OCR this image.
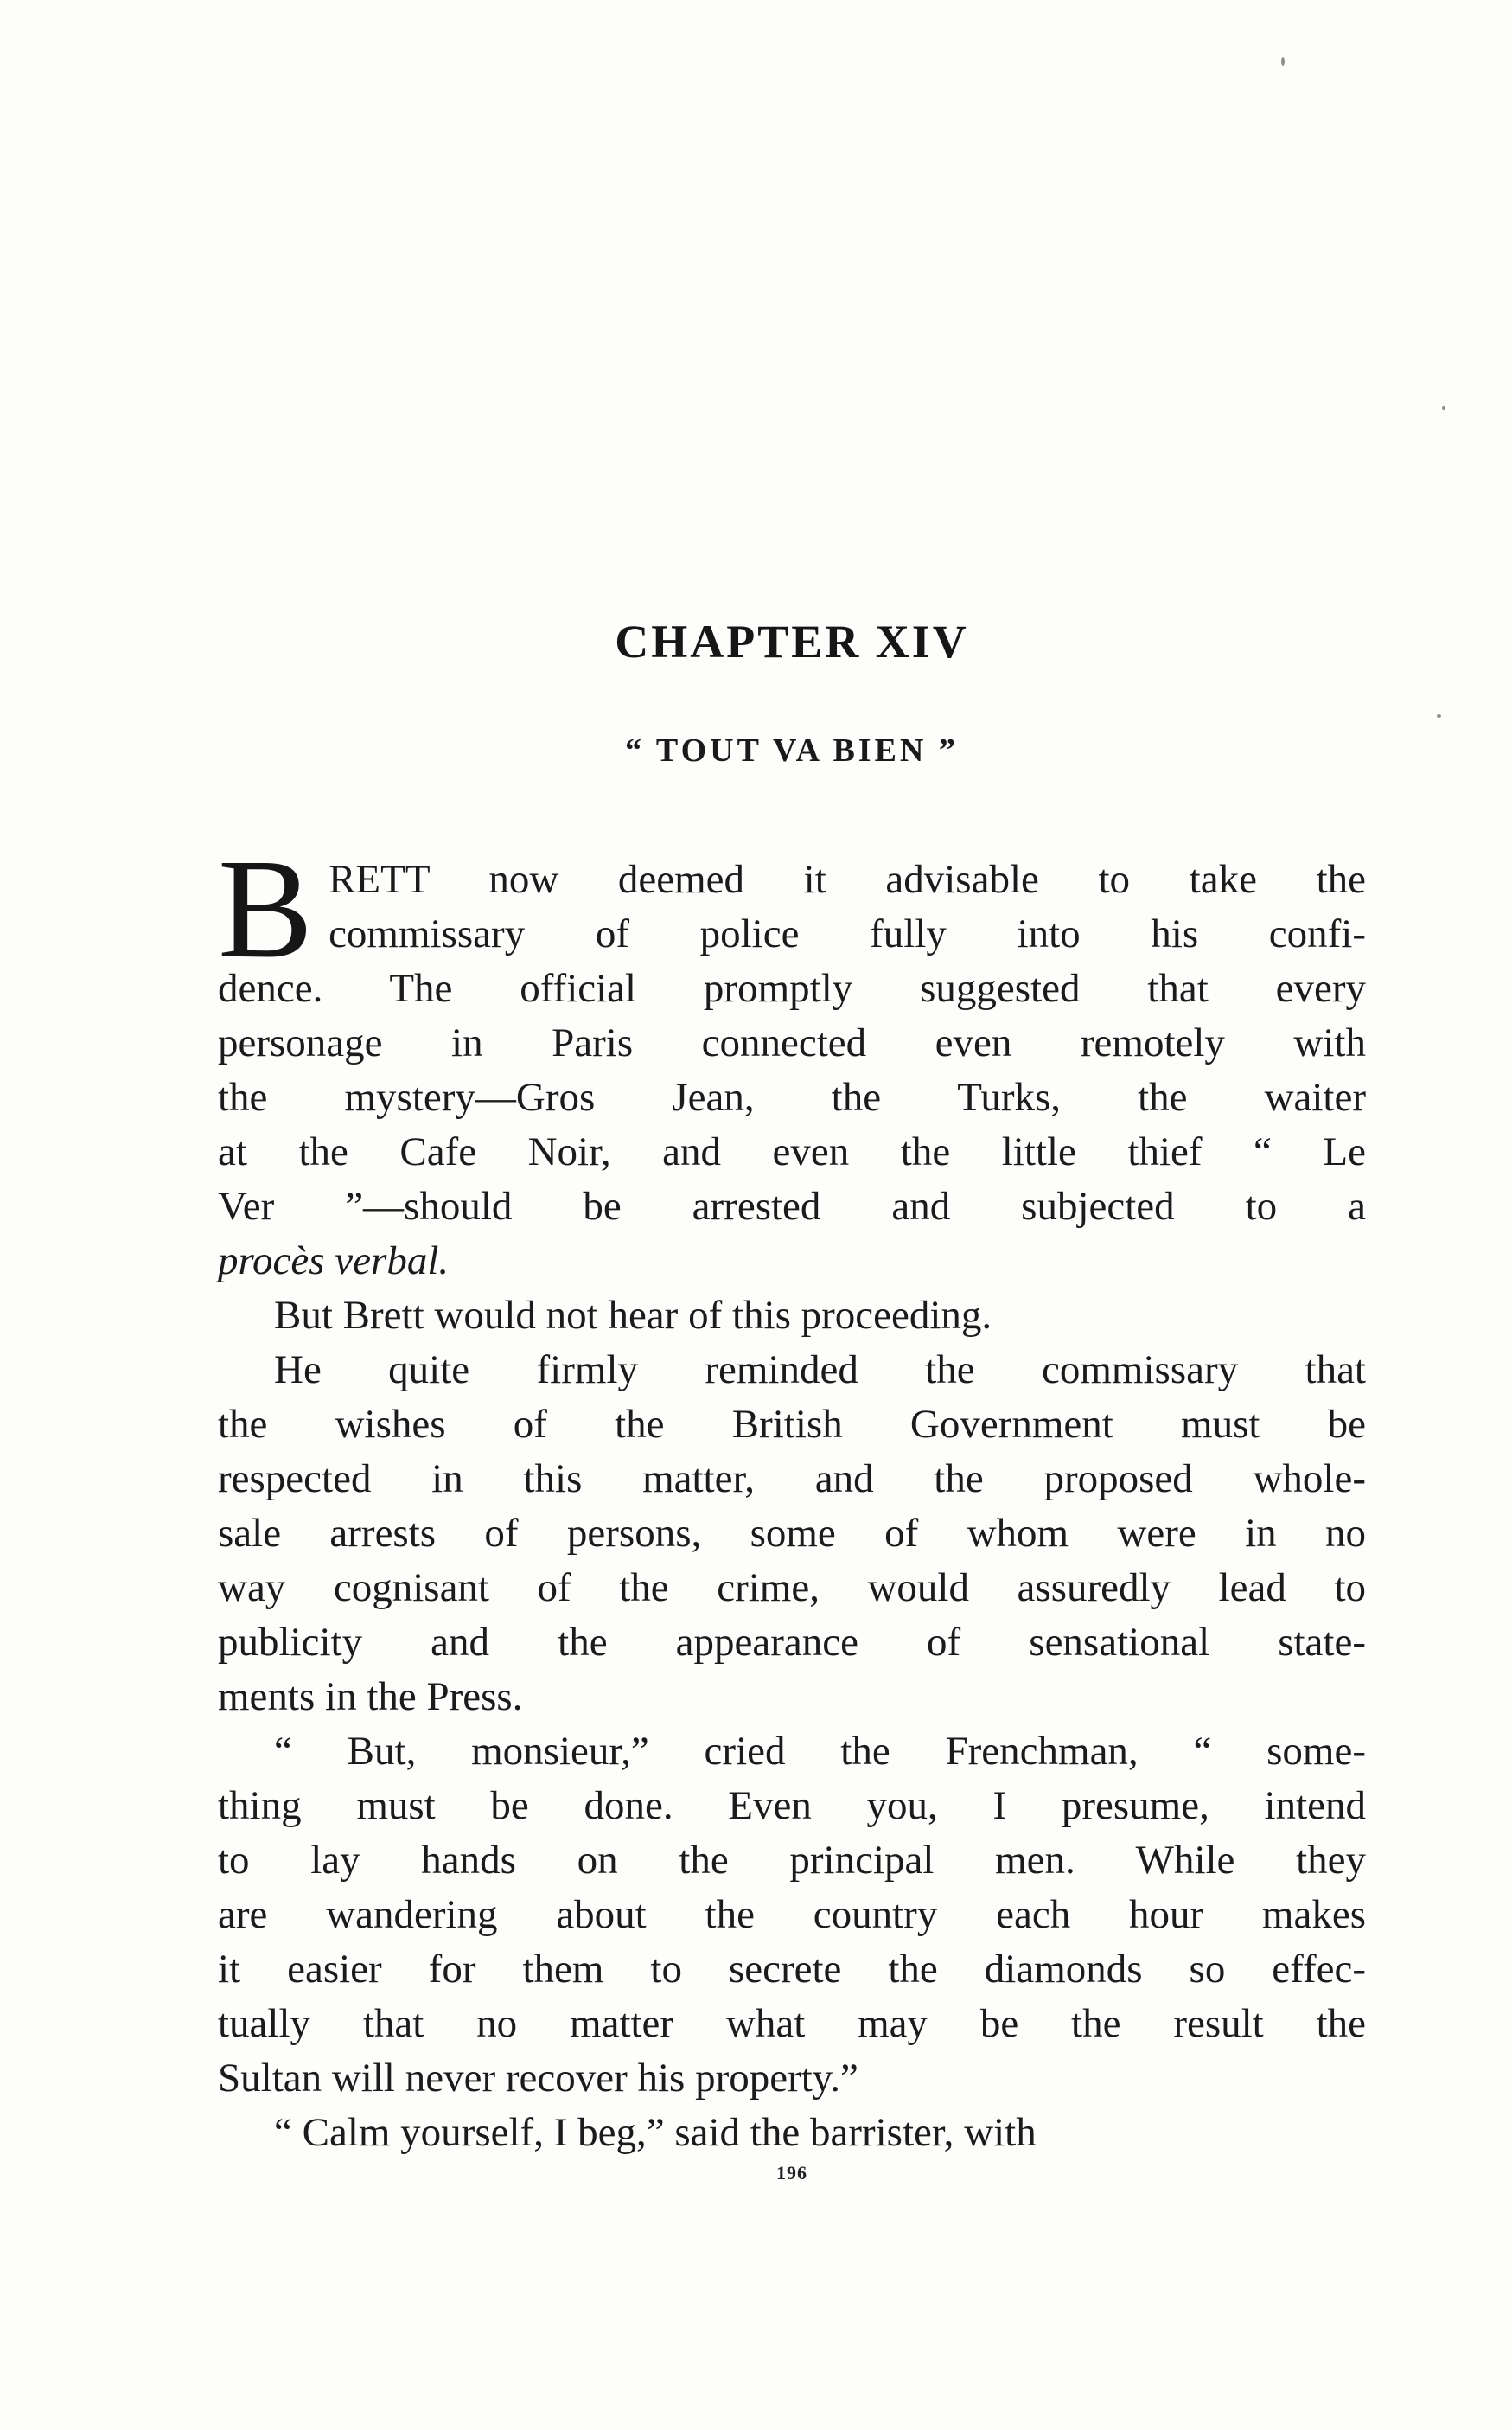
CHAPTER XIV
“ TOUT VA BIEN ”
B RETT now deemed it advisable to take the
commissary of police fully into his confi-
dence. The official promptly suggested that every
personage in Paris connected even remotely with
the mystery—Gros Jean, the Turks, the waiter
at the Cafe Noir, and even the little thief “ Le
Ver ”—should be arrested and subjected to a
procès verbal.
But Brett would not hear of this proceeding.
He quite firmly reminded the commissary that
the wishes of the British Government must be
respected in this matter, and the proposed whole-
sale arrests of persons, some of whom were in no
way cognisant of the crime, would assuredly lead to
publicity and the appearance of sensational state-
ments in the Press.
“ But, monsieur,” cried the Frenchman, “ some-
thing must be done. Even you, I presume, intend
to lay hands on the principal men. While they
are wandering about the country each hour makes
it easier for them to secrete the diamonds so effec-
tually that no matter what may be the result the
Sultan will never recover his property.”
“ Calm yourself, I beg,” said the barrister, with
196
